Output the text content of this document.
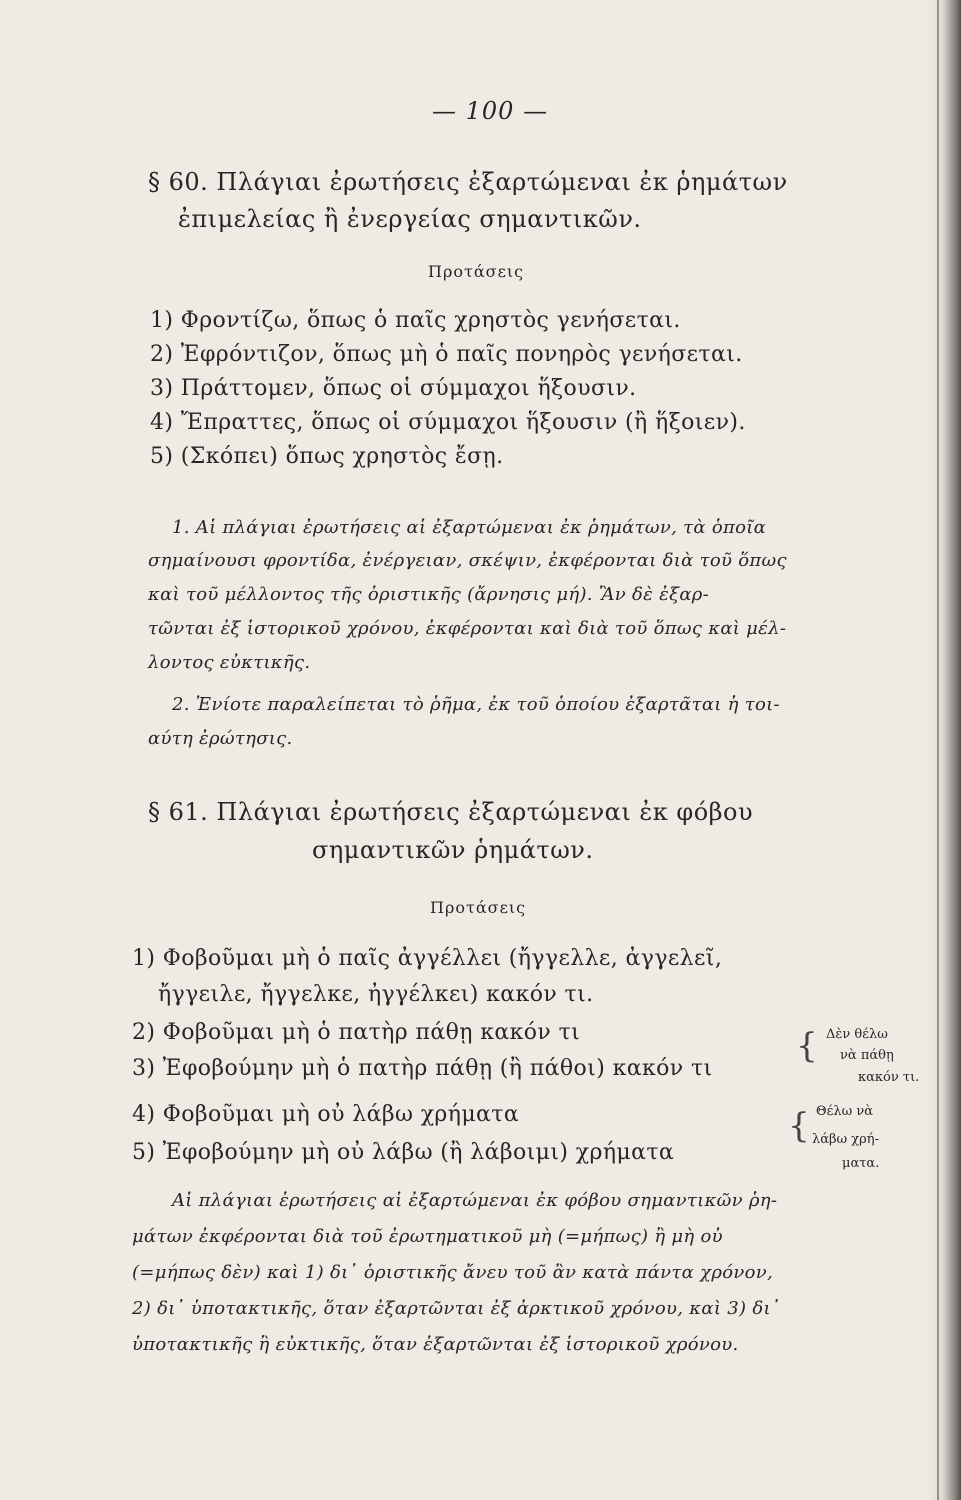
— 100 —
§ 60. Πλάγιαι ἐρωτήσεις ἐξαρτώμεναι ἐκ ῥημάτων
ἐπιμελείας ἢ ἐνεργείας σημαντικῶν.
Προτάσεις
1) Φροντίζω, ὅπως ὁ παῖς χρηστὸς γενήσεται.
2) Ἐφρόντιζον, ὅπως μὴ ὁ παῖς πονηρὸς γενήσεται.
3) Πράττομεν, ὅπως οἱ σύμμαχοι ἥξουσιν.
4) Ἔπραττες, ὅπως οἱ σύμμαχοι ἥξουσιν (ἢ ἥξοιεν).
5) (Σκόπει) ὅπως χρηστὸς ἔσῃ.
1. Αἱ πλάγιαι ἐρωτήσεις αἱ ἐξαρτώμεναι ἐκ ῥημάτων, τὰ ὁποῖα
σημαίνουσι φροντίδα, ἐνέργειαν, σκέψιν, ἐκφέρονται διὰ τοῦ ὅπως
καὶ τοῦ μέλλοντος τῆς ὁριστικῆς (ἄρνησις μή). Ἂν δὲ ἐξαρ-
τῶνται ἐξ ἱστορικοῦ χρόνου, ἐκφέρονται καὶ διὰ τοῦ ὅπως καὶ μέλ-
λοντος εὐκτικῆς.
2. Ἐνίοτε παραλείπεται τὸ ῥῆμα, ἐκ τοῦ ὁποίου ἐξαρτᾶται ἡ τοι-
αύτη ἐρώτησις.
§ 61. Πλάγιαι ἐρωτήσεις ἐξαρτώμεναι ἐκ φόβου
σημαντικῶν ῥημάτων.
Προτάσεις
1) Φοβοῦμαι μὴ ὁ παῖς ἀγγέλλει (ἤγγελλε, ἀγγελεῖ,
ἤγγειλε, ἤγγελκε, ἠγγέλκει) κακόν τι.
2) Φοβοῦμαι μὴ ὁ πατὴρ πάθῃ κακόν τι
3) Ἐφοβούμην μὴ ὁ πατὴρ πάθῃ (ἢ πάθοι) κακόν τι
4) Φοβοῦμαι μὴ οὐ λάβω χρήματα
5) Ἐφοβούμην μὴ οὐ λάβω (ἢ λάβοιμι) χρήματα
{
{
Δὲν θέλω
νὰ πάθῃ
κακόν τι.
Θέλω νὰ
λάβω χρή-
ματα.
Αἱ πλάγιαι ἐρωτήσεις αἱ ἐξαρτώμεναι ἐκ φόβου σημαντικῶν ῥη-
μάτων ἐκφέρονται διὰ τοῦ ἐρωτηματικοῦ μὴ (=μήπως) ἢ μὴ οὐ
(=μήπως δὲν) καὶ 1) δι᾽ ὁριστικῆς ἄνευ τοῦ ἂν κατὰ πάντα χρόνον,
2) δι᾽ ὑποτακτικῆς, ὅταν ἐξαρτῶνται ἐξ ἀρκτικοῦ χρόνου, καὶ 3) δι᾽
ὑποτακτικῆς ἢ εὐκτικῆς, ὅταν ἐξαρτῶνται ἐξ ἱστορικοῦ χρόνου.
